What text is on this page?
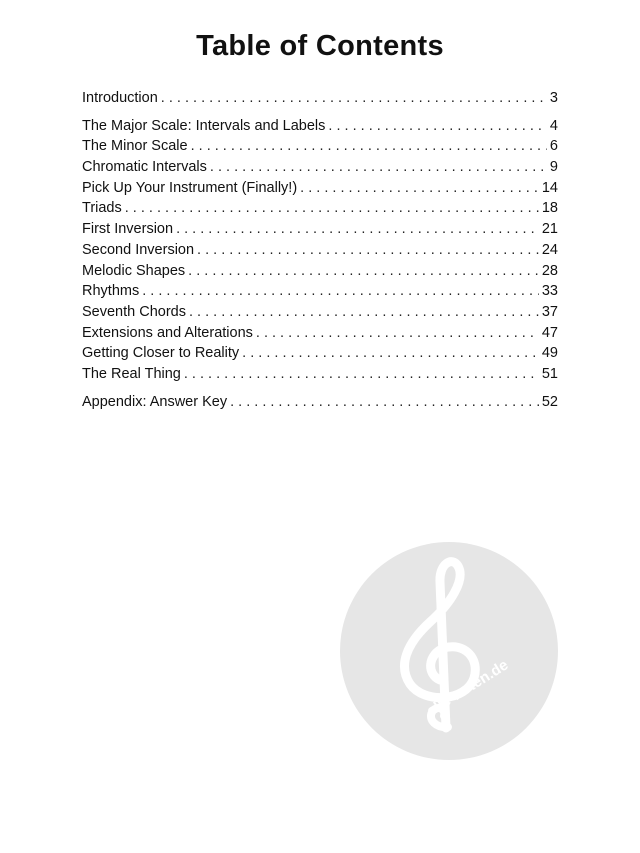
Table of Contents
Introduction . . .	3
The Major Scale: Intervals and Labels . . .	4
The Minor Scale . . .	6
Chromatic Intervals . . .	9
Pick Up Your Instrument (Finally!) . . .	14
Triads . . .	18
First Inversion . . .	21
Second Inversion . . .	24
Melodic Shapes . . .	28
Rhythms . . .	33
Seventh Chords . . .	37
Extensions and Alterations . . .	47
Getting Closer to Reality . . .	49
The Real Thing . . .	51
Appendix: Answer Key . . .	52
alle-noten.de
